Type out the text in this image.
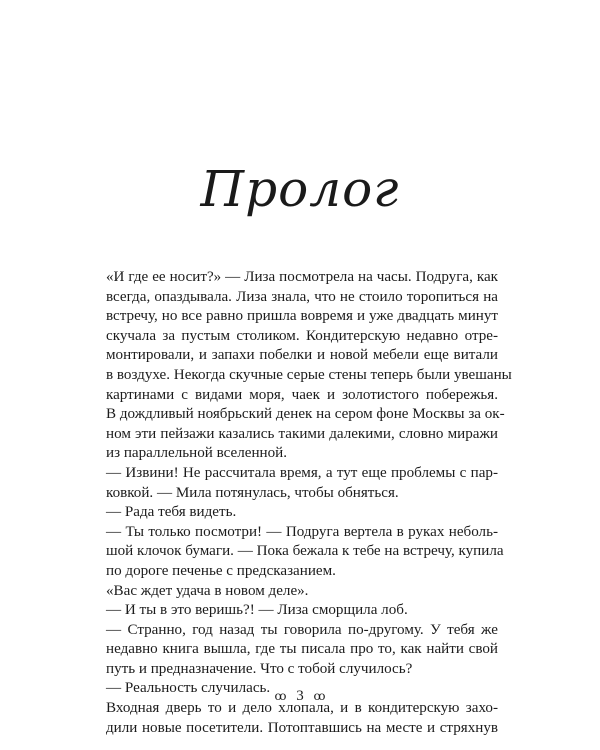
Пролог
«И где ее носит?» — Лиза посмотрела на часы. Подруга, как
всегда, опаздывала. Лиза знала, что не стоило торопиться на
встречу, но все равно пришла вовремя и уже двадцать минут
скучала за пустым столиком. Кондитерскую недавно отре-
монтировали, и запахи побелки и новой мебели еще витали
в воздухе. Некогда скучные серые стены теперь были увешаны
картинами с видами моря, чаек и золотистого побережья.
В дождливый ноябрьский денек на сером фоне Москвы за ок-
ном эти пейзажи казались такими далекими, словно миражи
из параллельной вселенной.
— Извини! Не рассчитала время, а тут еще проблемы с пар-
ковкой. — Мила потянулась, чтобы обняться.
— Рада тебя видеть.
— Ты только посмотри! — Подруга вертела в руках неболь-
шой клочок бумаги. — Пока бежала к тебе на встречу, купила
по дороге печенье с предсказанием.
«Вас ждет удача в новом деле».
— И ты в это веришь?! — Лиза сморщила лоб.
— Странно, год назад ты говорила по-другому. У тебя же
недавно книга вышла, где ты писала про то, как найти свой
путь и предназначение. Что с тобой случилось?
— Реальность случилась.
Входная дверь то и дело хлопала, и в кондитерскую захо-
дили новые посетители. Потоптавшись на месте и стряхнув
ꝏ 3 ꝏ
